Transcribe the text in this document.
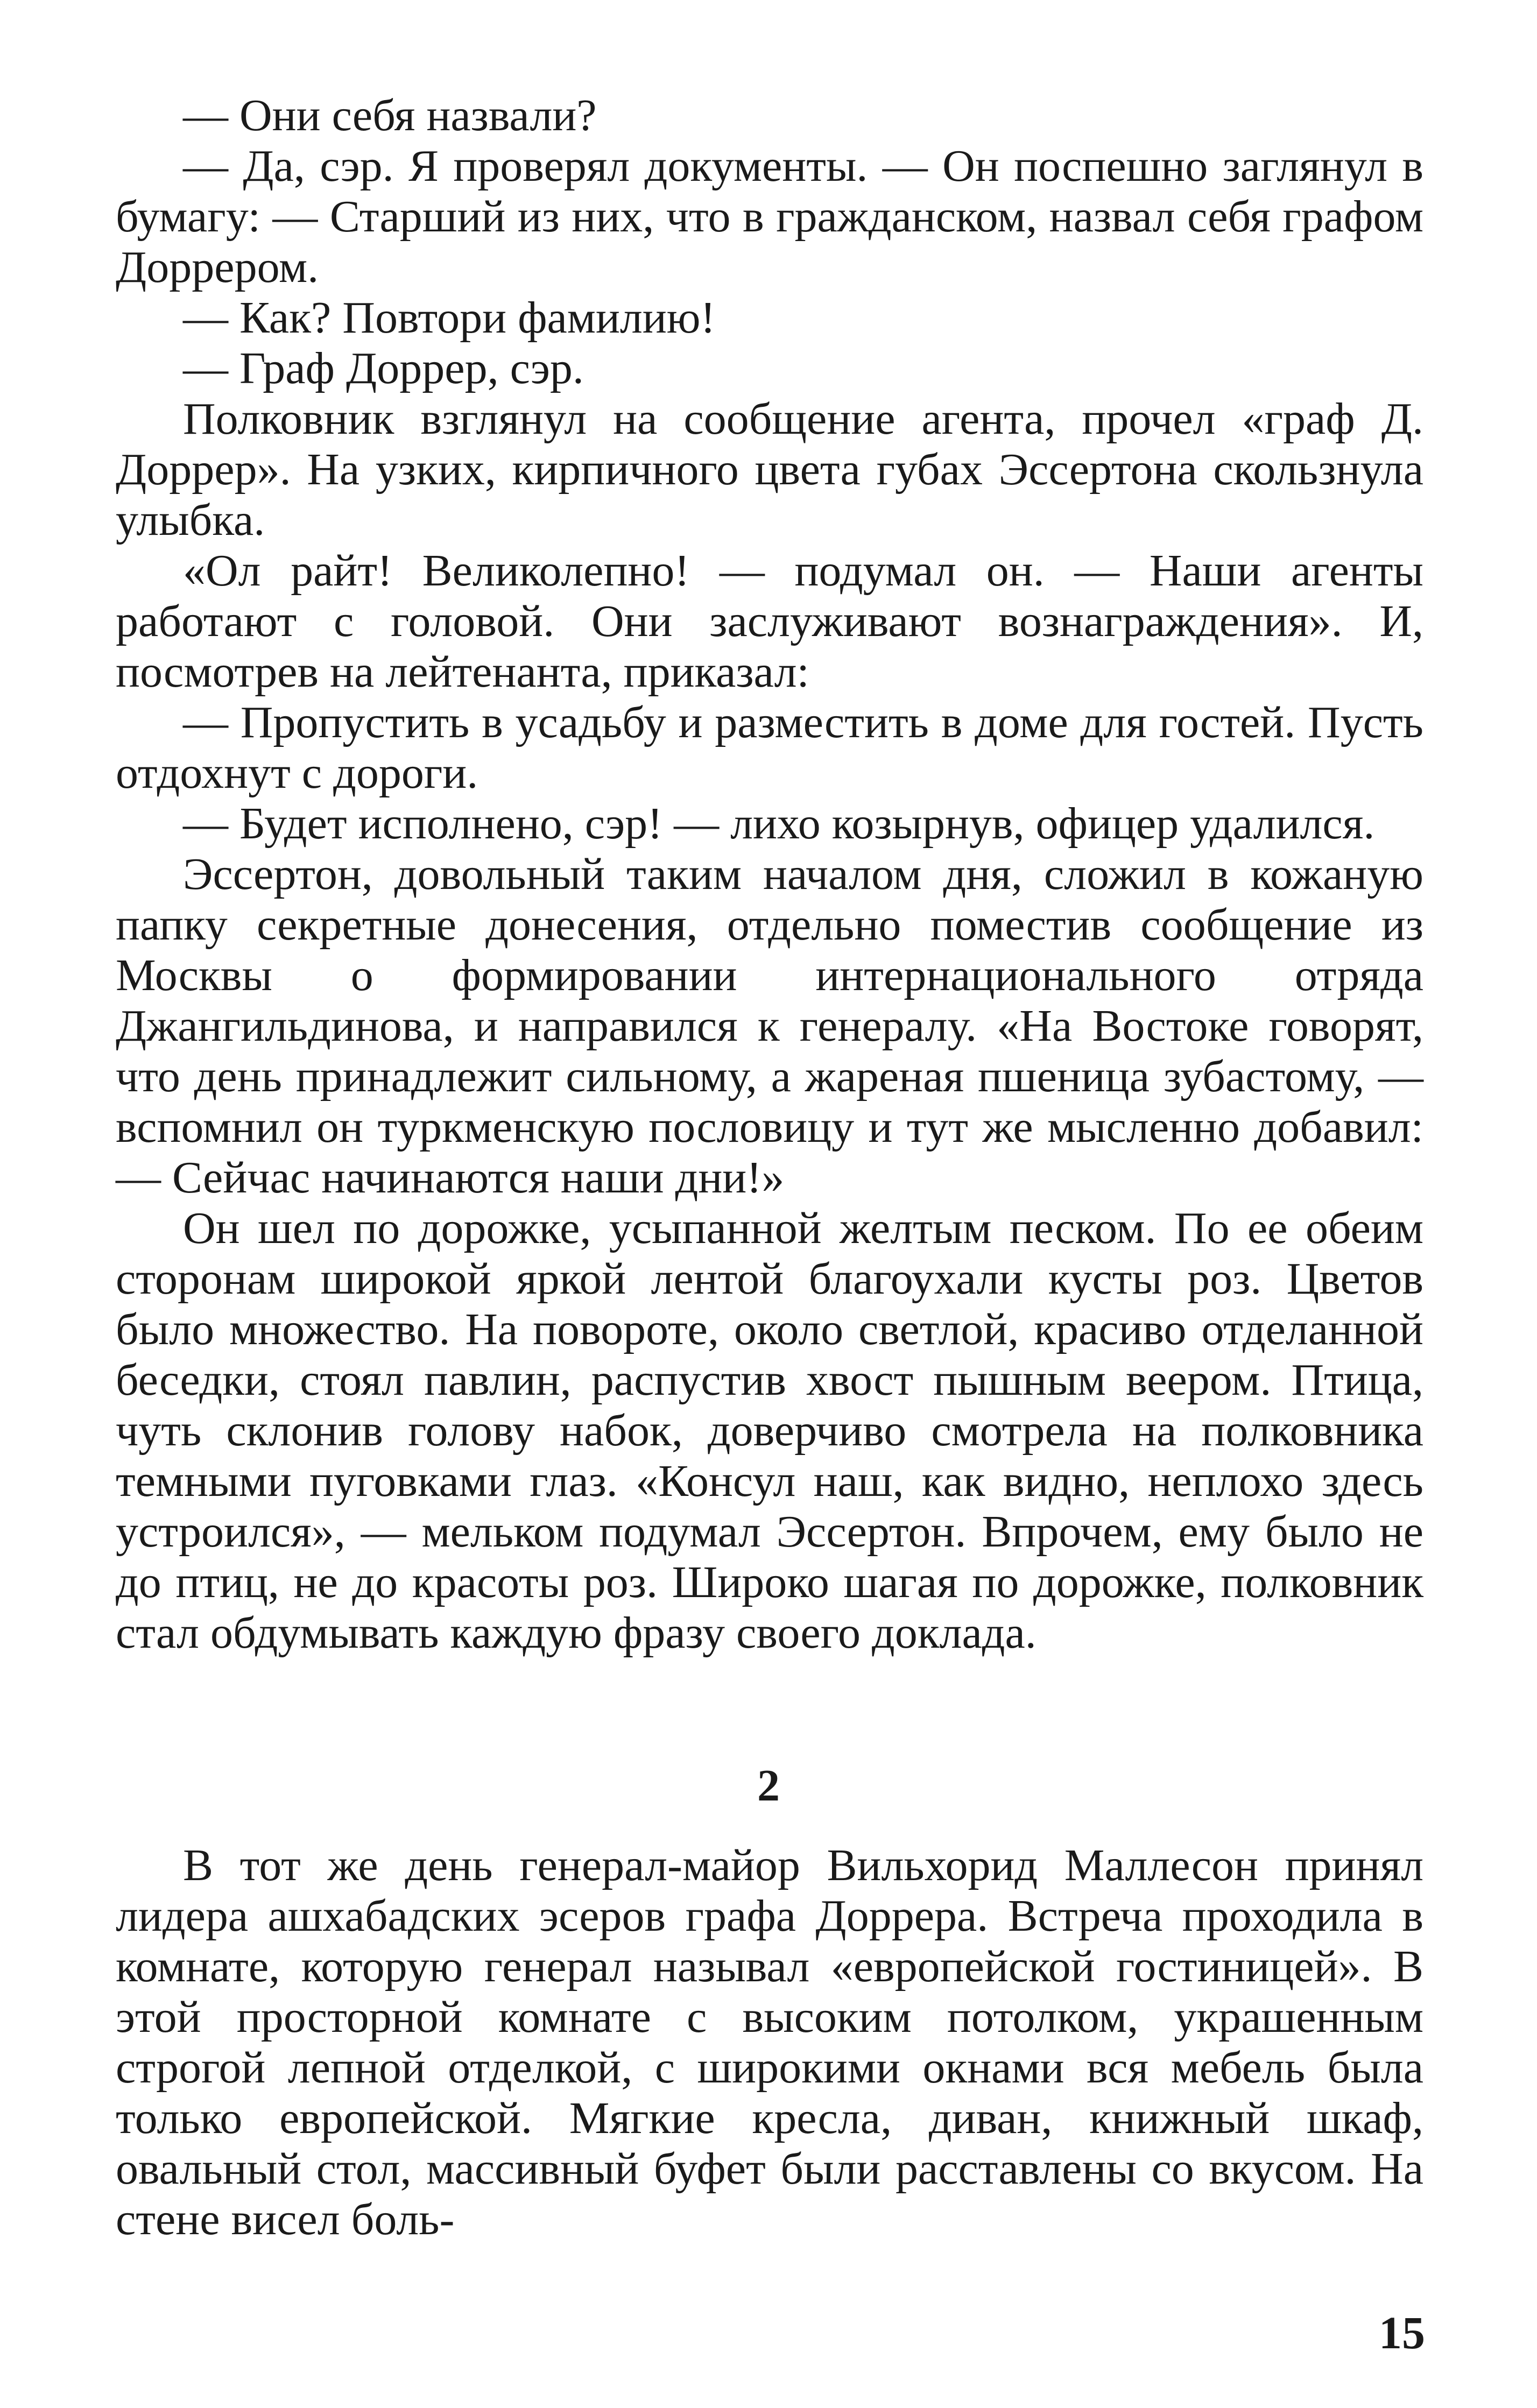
— Они себя назвали?

— Да, сэр. Я проверял документы. — Он поспешно заглянул в бумагу: — Старший из них, что в гражданском, назвал себя графом Доррером.

— Как? Повтори фамилию!

— Граф Доррер, сэр.

Полковник взглянул на сообщение агента, прочел «граф Д. Доррер». На узких, кирпичного цвета губах Эссертона скользнула улыбка.

«Ол райт! Великолепно! — подумал он. — Наши агенты работают с головой. Они заслуживают вознаграждения». И, посмотрев на лейтенанта, приказал:

— Пропустить в усадьбу и разместить в доме для гостей. Пусть отдохнут с дороги.

— Будет исполнено, сэр! — лихо козырнув, офицер удалился.

Эссертон, довольный таким началом дня, сложил в кожаную папку секретные донесения, отдельно поместив сообщение из Москвы о формировании интернационального отряда Джангильдинова, и направился к генералу. «На Востоке говорят, что день принадлежит сильному, а жареная пшеница зубастому, — вспомнил он туркменскую пословицу и тут же мысленно добавил: — Сейчас начинаются наши дни!»

Он шел по дорожке, усыпанной желтым песком. По ее обеим сторонам широкой яркой лентой благоухали кусты роз. Цветов было множество. На повороте, около светлой, красиво отделанной беседки, стоял павлин, распустив хвост пышным веером. Птица, чуть склонив голову набок, доверчиво смотрела на полковника темными пуговками глаз. «Консул наш, как видно, неплохо здесь устроился», — мельком подумал Эссертон. Впрочем, ему было не до птиц, не до красоты роз. Широко шагая по дорожке, полковник стал обдумывать каждую фразу своего доклада.

2

В тот же день генерал-майор Вильхорид Маллесон принял лидера ашхабадских эсеров графа Доррера. Встреча проходила в комнате, которую генерал называл «европейской гостиницей». В этой просторной комнате с высоким потолком, украшенным строгой лепной отделкой, с широкими окнами вся мебель была только европейской. Мягкие кресла, диван, книжный шкаф, овальный стол, массивный буфет были расставлены со вкусом. На стене висел боль-

15
